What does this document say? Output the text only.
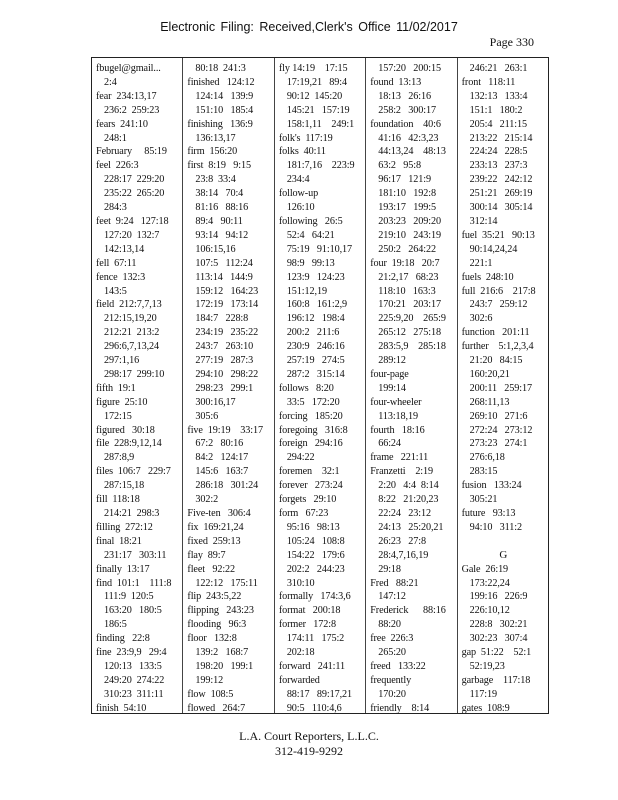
Electronic Filing: Received,Clerk's Office 11/02/2017
Page 330
fbugel@gmail...
2:4
fear  234:13,17
236:2  259:23
fears  241:10
248:1
February     85:19
feel  226:3
228:17  229:20
235:22  265:20
284:3
feet  9:24   127:18
127:20  132:7
142:13,14
fell  67:11
fence  132:3
143:5
field  212:7,7,13
212:15,19,20
212:21  213:2
296:6,7,13,24
297:1,16
298:17  299:10
fifth  19:1
figure  25:10
172:15
figured   30:18
file  228:9,12,14
287:8,9
files  106:7   229:7
287:15,18
fill  118:18
214:21  298:3
filling  272:12
final  18:21
231:17   303:11
finally  13:17
find  101:1    111:8
111:9  120:5
163:20   180:5
186:5
finding   22:8
fine  23:9,9   29:4
120:13   133:5
249:20  274:22
310:23  311:11
finish  54:10
80:18  241:3
finished   124:12
124:14   139:9
151:10   185:4
finishing   136:9
136:13,17
firm  156:20
first  8:19   9:15
23:8  33:4
38:14   70:4
81:16   88:16
89:4   90:11
93:14   94:12
106:15,16
107:5   112:24
113:14   144:9
159:12   164:23
172:19   173:14
184:7   228:8
234:19   235:22
243:7   263:10
277:19   287:3
294:10   298:22
298:23   299:1
300:16,17
305:6
five  19:19    33:17
67:2   80:16
84:2   124:17
145:6   163:7
286:18   301:24
302:2
Five-ten   306:4
fix  169:21,24
fixed  259:13
flay  89:7
fleet   92:22
122:12   175:11
flip  243:5,22
flipping   243:23
flooding   96:3
floor   132:8
139:2   168:7
198:20   199:1
199:12
flow  108:5
flowed   264:7
fly 14:19    17:15
17:19,21   89:4
90:12  145:20
145:21   157:19
158:1,11    249:1
folk's  117:19
folks  40:11
181:7,16    223:9
234:4
follow-up
126:10
following   26:5
52:4   64:21
75:19   91:10,17
98:9   99:13
123:9   124:23
151:12,19
160:8   161:2,9
196:12   198:4
200:2   211:6
230:9   246:16
257:19   274:5
287:2   315:14
follows   8:20
33:5   172:20
forcing   185:20
foregoing   316:8
foreign   294:16
294:22
foremen    32:1
forever   273:24
forgets   29:10
form   67:23
95:16   98:13
105:24   108:8
154:22   179:6
202:2   244:23
310:10
formally   174:3,6
format   200:18
former   172:8
174:11   175:2
202:18
forward   241:11
forwarded
88:17   89:17,21
90:5   110:4,6
157:20   200:15
found  13:13
18:13   26:16
258:2   300:17
foundation    40:6
41:16   42:3,23
44:13,24    48:13
63:2   95:8
96:17   121:9
181:10   192:8
193:17   199:5
203:23   209:20
219:10   243:19
250:2   264:22
four  19:18   20:7
21:2,17   68:23
118:10   163:3
170:21   203:17
225:9,20    265:9
265:12   275:18
283:5,9    285:18
289:12
four-page
199:14
four-wheeler
113:18,19
fourth   18:16
66:24
frame   221:11
Franzetti    2:19
2:20   4:4  8:14
8:22   21:20,23
22:24   23:12
24:13   25:20,21
26:23   27:8
28:4,7,16,19
29:18
Fred   88:21
147:12
Frederick      88:16
88:20
free  226:3
265:20
freed   133:22
frequently
170:20
friendly    8:14
246:21   263:1
front   118:11
132:13   133:4
151:1   180:2
205:4   211:15
213:22   215:14
224:24   228:5
233:13   237:3
239:22   242:12
251:21   269:19
300:14   305:14
312:14
fuel  35:21   90:13
90:14,24,24
221:1
fuels  248:10
full  216:6    217:8
243:7   259:12
302:6
function   201:11
further    5:1,2,3,4
21:20   84:15
160:20,21
200:11   259:17
268:11,13
269:10   271:6
272:24   273:12
273:23   274:1
276:6,18
283:15
fusion   133:24
305:21
future   93:13
94:10   311:2

G
Gale  26:19
173:22,24
199:16   226:9
226:10,12
228:8   302:21
302:23   307:4
gap  51:22    52:1
52:19,23
garbage    117:18
117:19
gates  108:9
L.A. Court Reporters, L.L.C.
312-419-9292
